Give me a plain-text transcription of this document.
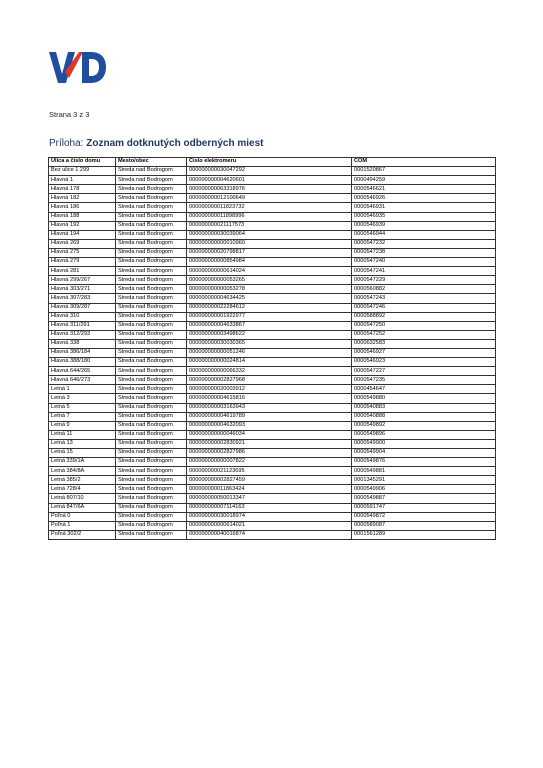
Strana 3 z 3
Príloha: Zoznam dotknutých odberných miest
Ulica a číslo domu	Mesto/obec	Číslo elektromeru	ČOM
Bez ulice 1 299	Streda nad Bodrogom	000000000030047292	0001520867
Hlavná 1	Streda nad Bodrogom	000000000004620601	0000494259
Hlavná 178	Streda nad Bodrogom	000000000063318976	0000546621
Hlavná 182	Streda nad Bodrogom	000000000012100649	0000546926
Hlavná 186	Streda nad Bodrogom	000000000011823732	0000546931
Hlavná 188	Streda nad Bodrogom	000000000011898996	0000546935
Hlavná 192	Streda nad Bodrogom	000000000021117573	0000546939
Hlavná 194	Streda nad Bodrogom	000000000030039064	0000546944
Hlavná 269	Streda nad Bodrogom	000000000000010960	0000547232
Hlavná 275	Streda nad Bodrogom	000000000020798817	0000547238
Hlavná 279	Streda nad Bodrogom	000000000000854984	0000547240
Hlavná 281	Streda nad Bodrogom	000000000000614024	0000547241
Hlavná 299/267	Streda nad Bodrogom	000000000000053265	0000547229
Hlavná 303/271	Streda nad Bodrogom	000000000000053278	0000560882
Hlavná 307/283	Streda nad Bodrogom	000000000004634425	0000547243
Hlavná 309/287	Streda nad Bodrogom	000000000022284612	0000547246
Hlavná 310	Streda nad Bodrogom	000000000001922977	0000588892
Hlavná 311/291	Streda nad Bodrogom	000000000004633867	0000547250
Hlavná 312/293	Streda nad Bodrogom	000000000003498622	0000547252
Hlavná 338	Streda nad Bodrogom	000000000030030365	0000632583
Hlavná 386/184	Streda nad Bodrogom	000000000000051246	0000546927
Hlavná 388/180	Streda nad Bodrogom	000000000000024814	0000546923
Hlavná 644/265	Streda nad Bodrogom	000000000000066332	0000547227
Hlavná 646/273	Streda nad Bodrogom	000000000002827968	0000547235
Letná 1	Streda nad Bodrogom	000000000020003912	0000454647
Letná 3	Streda nad Bodrogom	000000000004615816	0000549880
Letná 5	Streda nad Bodrogom	000000000003163943	0000540883
Letná 7	Streda nad Bodrogom	000000000004619789	0000540888
Letná 9	Streda nad Bodrogom	000000000004632093	0000549892
Letná 11	Streda nad Bodrogom	000000000000046034	0000549896
Letná 13	Streda nad Bodrogom	000000000002830921	0000549900
Letná 15	Streda nad Bodrogom	000000000002827986	0000549904
Letná 339/1A	Streda nad Bodrogom	000000000000007822	0000549876
Letná 384/8A	Streda nad Bodrogom	000000000021123695	0000549881
Letná 385/2	Streda nad Bodrogom	000000000002827459	0001345291
Letná 728/4	Streda nad Bodrogom	000000000011863424	0000549906
Letná 807/10	Streda nad Bodrogom	000000000050013347	0000549887
Letná 847/6A	Streda nad Bodrogom	000000000007114163	0000591747
Poľná 0	Streda nad Bodrogom	000000000030018974	0000549872
Poľná 1	Streda nad Bodrogom	000000000000614021	0000589087
Poľná 302/2	Streda nad Bodrogom	000000000040016874	0001561289
